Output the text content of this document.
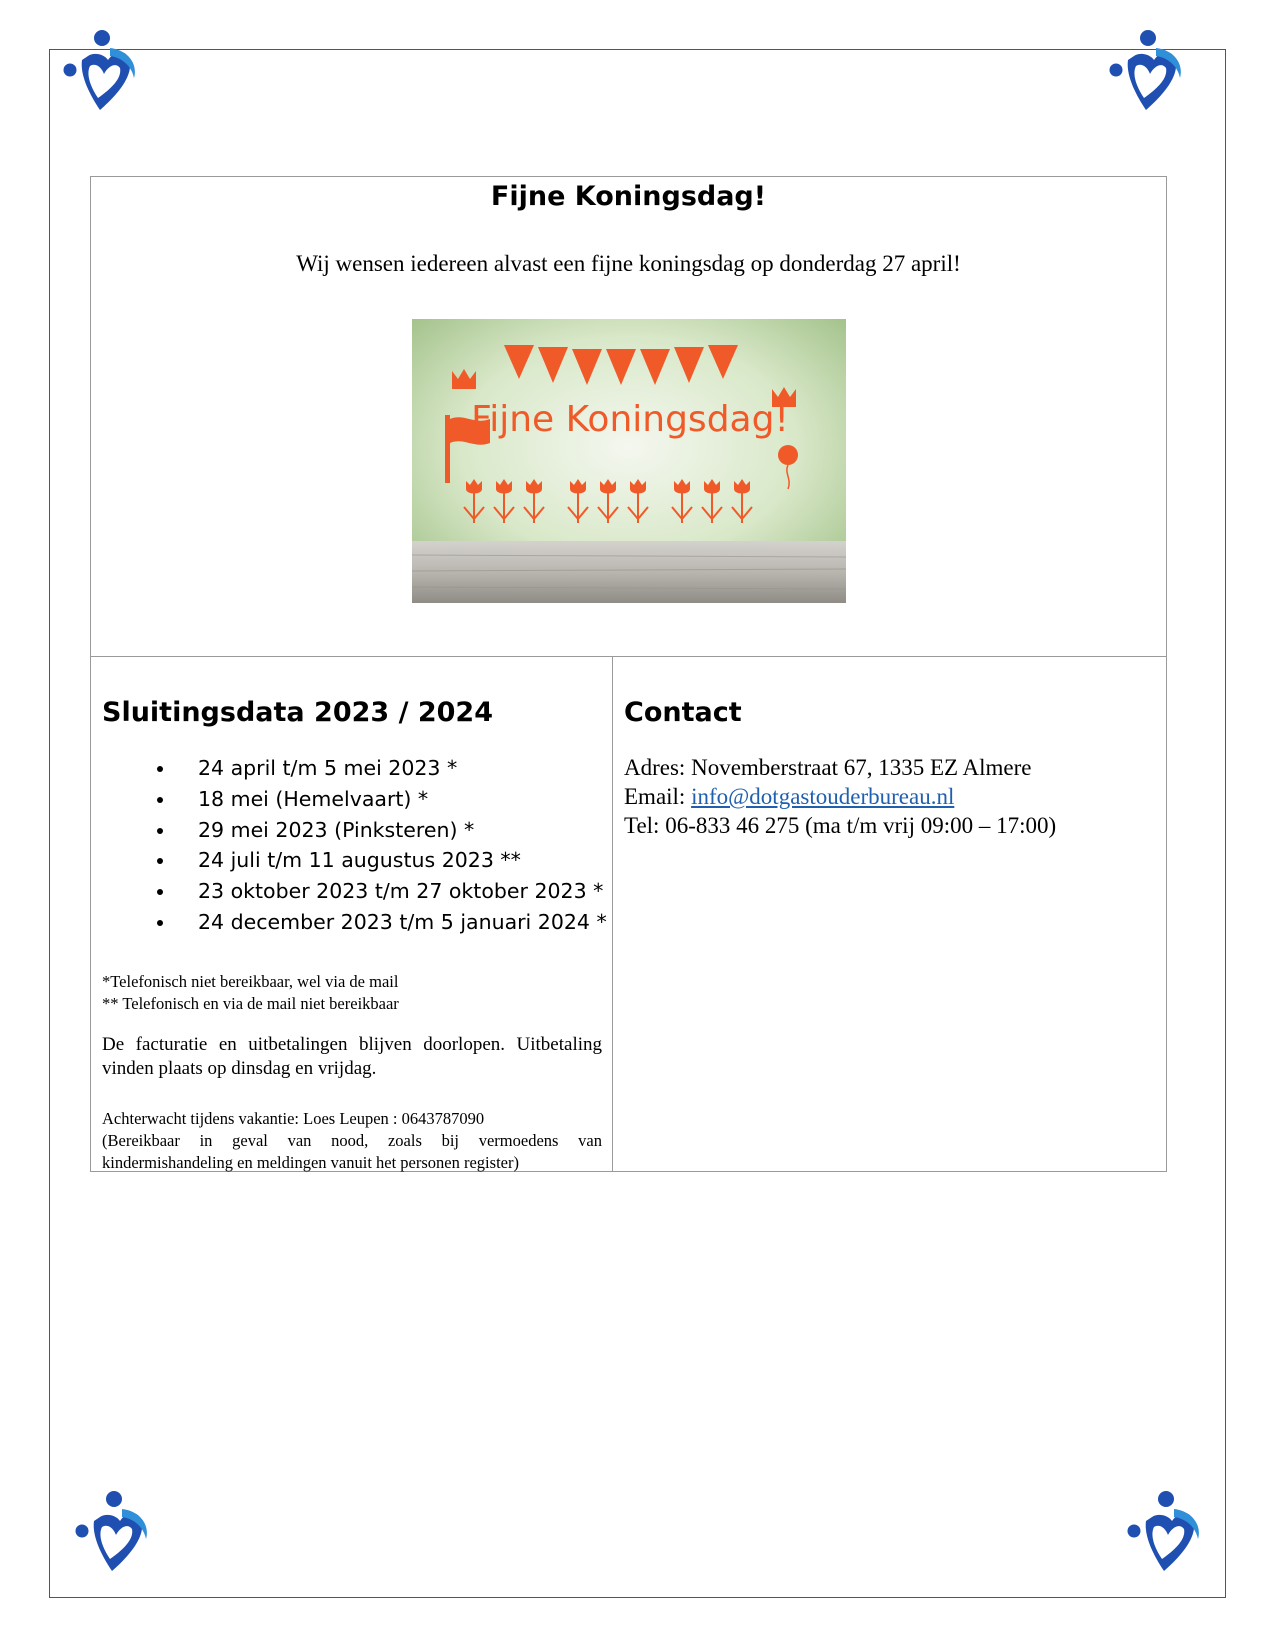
Fijne Koningsdag!
Wij wensen iedereen alvast een fijne koningsdag op donderdag 27 april!
Fijne Koningsdag!
Sluitingsdata 2023 / 2024
• 24 april t/m 5 mei 2023 *
• 18 mei (Hemelvaart) *
• 29 mei 2023 (Pinksteren) *
• 24 juli t/m 11 augustus 2023 **
• 23 oktober 2023 t/m 27 oktober 2023 *
• 24 december 2023 t/m 5 januari 2024 *
*Telefonisch niet bereikbaar, wel via de mail
** Telefonisch en via de mail niet bereikbaar
De facturatie en uitbetalingen blijven doorlopen. Uitbetaling vinden plaats op dinsdag en vrijdag.
Achterwacht tijdens vakantie: Loes Leupen : 0643787090
(Bereikbaar in geval van nood, zoals bij vermoedens van kindermishandeling en meldingen vanuit het personen register)
Contact
Adres: Novemberstraat 67, 1335 EZ Almere
Email: info@dotgastouderbureau.nl
Tel: 06-833 46 275 (ma t/m vrij 09:00 – 17:00)
